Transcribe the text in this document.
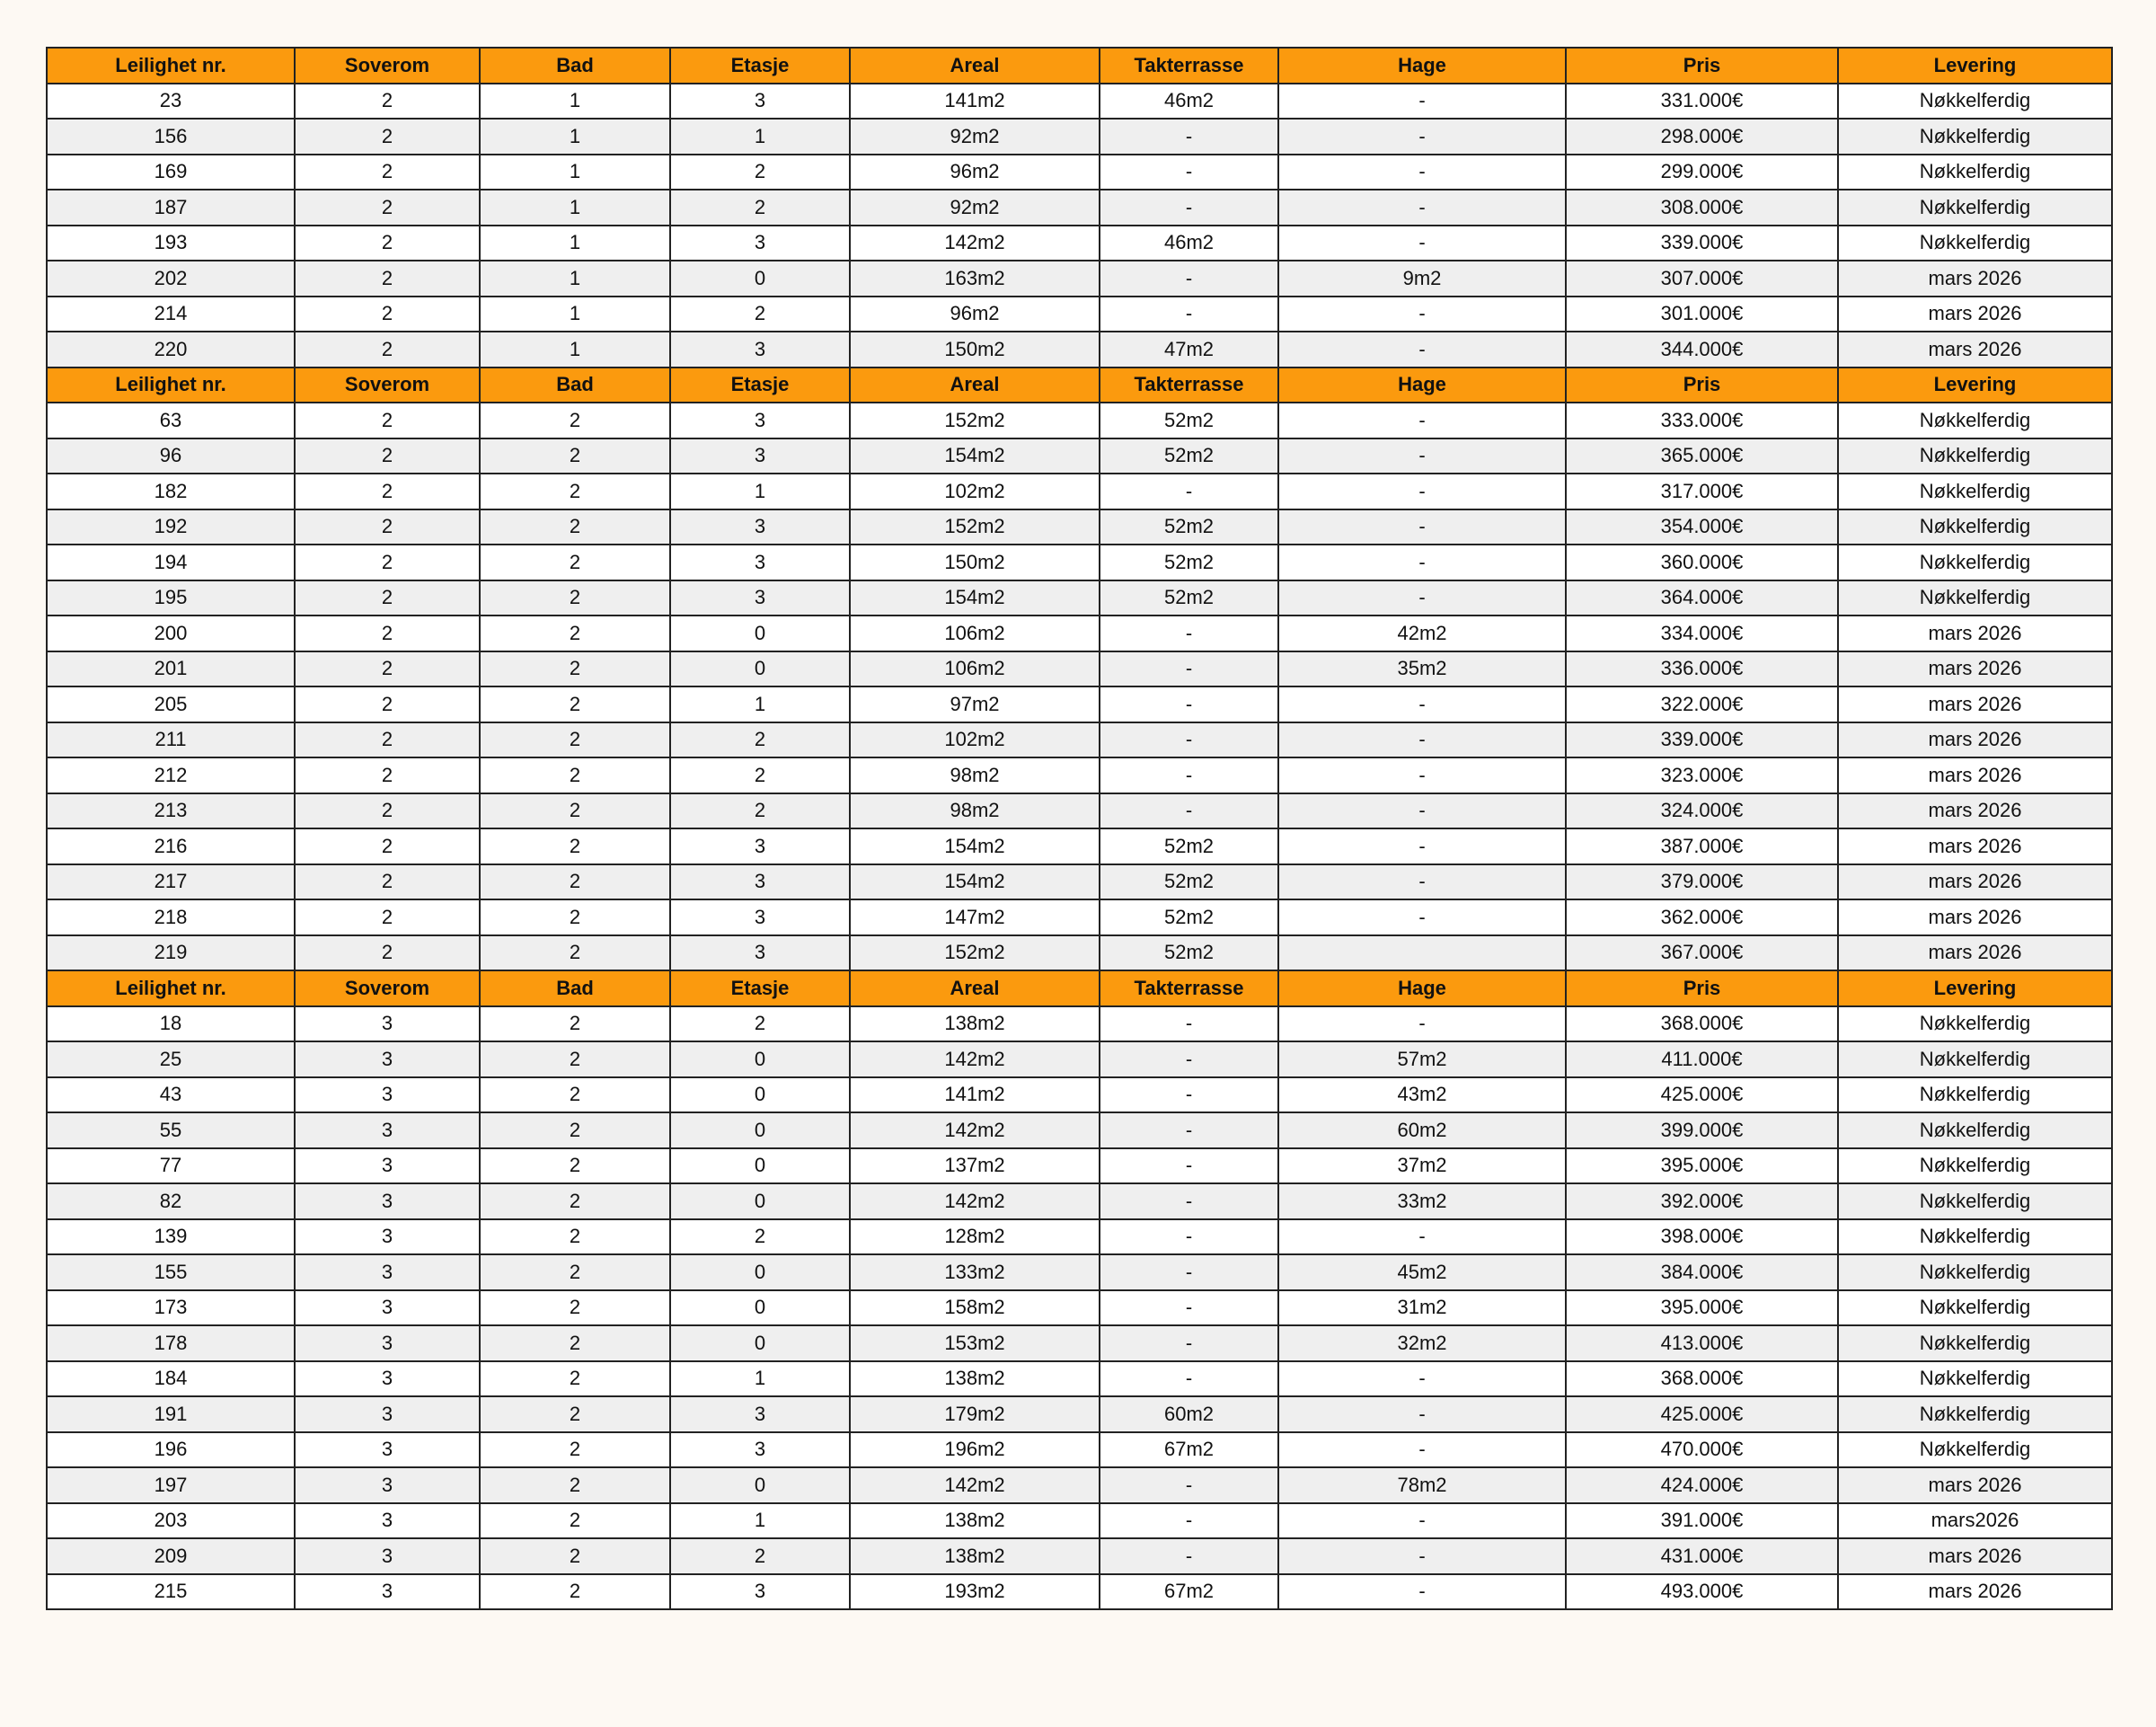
Leilighet nr.	Soverom	Bad	Etasje	Areal	Takterrasse	Hage	Pris	Levering
23	2	1	3	141m2	46m2	-	331.000€	Nøkkelferdig
156	2	1	1	92m2	-	-	298.000€	Nøkkelferdig
169	2	1	2	96m2	-	-	299.000€	Nøkkelferdig
187	2	1	2	92m2	-	-	308.000€	Nøkkelferdig
193	2	1	3	142m2	46m2	-	339.000€	Nøkkelferdig
202	2	1	0	163m2	-	9m2	307.000€	mars 2026
214	2	1	2	96m2	-	-	301.000€	mars 2026
220	2	1	3	150m2	47m2	-	344.000€	mars 2026
Leilighet nr.	Soverom	Bad	Etasje	Areal	Takterrasse	Hage	Pris	Levering
63	2	2	3	152m2	52m2	-	333.000€	Nøkkelferdig
96	2	2	3	154m2	52m2	-	365.000€	Nøkkelferdig
182	2	2	1	102m2	-	-	317.000€	Nøkkelferdig
192	2	2	3	152m2	52m2	-	354.000€	Nøkkelferdig
194	2	2	3	150m2	52m2	-	360.000€	Nøkkelferdig
195	2	2	3	154m2	52m2	-	364.000€	Nøkkelferdig
200	2	2	0	106m2	-	42m2	334.000€	mars 2026
201	2	2	0	106m2	-	35m2	336.000€	mars 2026
205	2	2	1	97m2	-	-	322.000€	mars 2026
211	2	2	2	102m2	-	-	339.000€	mars 2026
212	2	2	2	98m2	-	-	323.000€	mars 2026
213	2	2	2	98m2	-	-	324.000€	mars 2026
216	2	2	3	154m2	52m2	-	387.000€	mars 2026
217	2	2	3	154m2	52m2	-	379.000€	mars 2026
218	2	2	3	147m2	52m2	-	362.000€	mars 2026
219	2	2	3	152m2	52m2		367.000€	mars 2026
Leilighet nr.	Soverom	Bad	Etasje	Areal	Takterrasse	Hage	Pris	Levering
18	3	2	2	138m2	-	-	368.000€	Nøkkelferdig
25	3	2	0	142m2	-	57m2	411.000€	Nøkkelferdig
43	3	2	0	141m2	-	43m2	425.000€	Nøkkelferdig
55	3	2	0	142m2	-	60m2	399.000€	Nøkkelferdig
77	3	2	0	137m2	-	37m2	395.000€	Nøkkelferdig
82	3	2	0	142m2	-	33m2	392.000€	Nøkkelferdig
139	3	2	2	128m2	-	-	398.000€	Nøkkelferdig
155	3	2	0	133m2	-	45m2	384.000€	Nøkkelferdig
173	3	2	0	158m2	-	31m2	395.000€	Nøkkelferdig
178	3	2	0	153m2	-	32m2	413.000€	Nøkkelferdig
184	3	2	1	138m2	-	-	368.000€	Nøkkelferdig
191	3	2	3	179m2	60m2	-	425.000€	Nøkkelferdig
196	3	2	3	196m2	67m2	-	470.000€	Nøkkelferdig
197	3	2	0	142m2	-	78m2	424.000€	mars 2026
203	3	2	1	138m2	-	-	391.000€	mars2026
209	3	2	2	138m2	-	-	431.000€	mars 2026
215	3	2	3	193m2	67m2	-	493.000€	mars 2026
